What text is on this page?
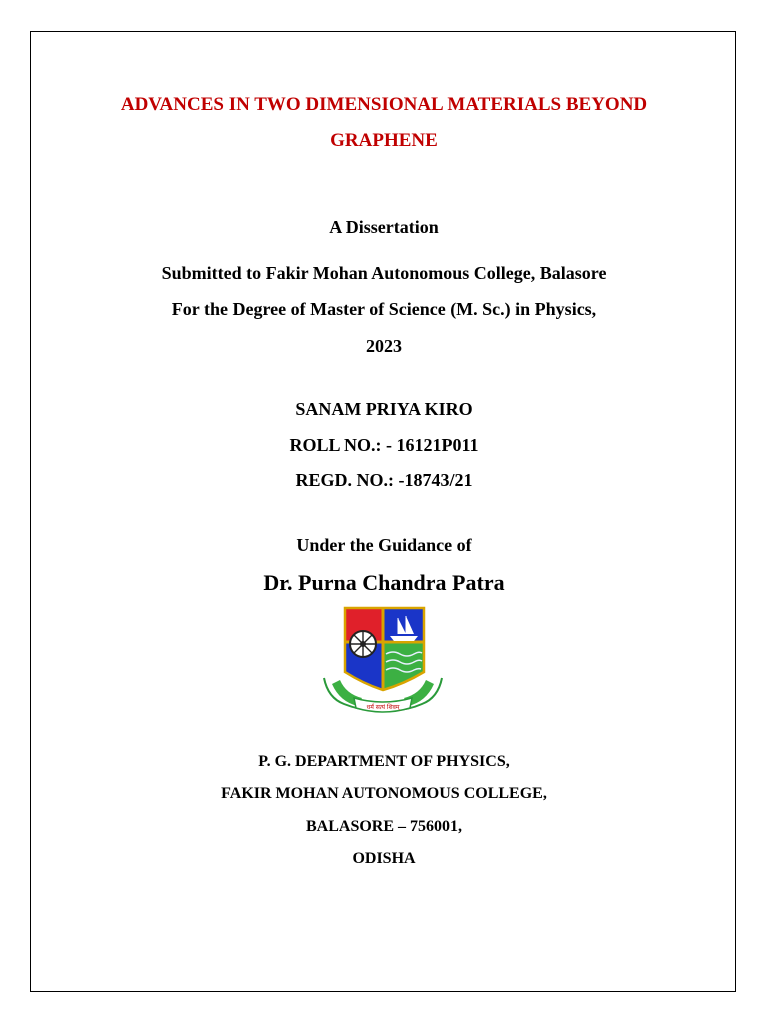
ADVANCES IN TWO DIMENSIONAL MATERIALS BEYOND
GRAPHENE
A Dissertation
Submitted to Fakir Mohan Autonomous College, Balasore
For the Degree of Master of Science (M. Sc.) in Physics,
2023
SANAM PRIYA KIRO
ROLL NO.: - 16121P011
REGD. NO.: -18743/21
Under the Guidance of
Dr. Purna Chandra Patra
धर्मं सत्यं शिवम्
P. G. DEPARTMENT OF PHYSICS,
FAKIR MOHAN AUTONOMOUS COLLEGE,
BALASORE – 756001,
ODISHA
